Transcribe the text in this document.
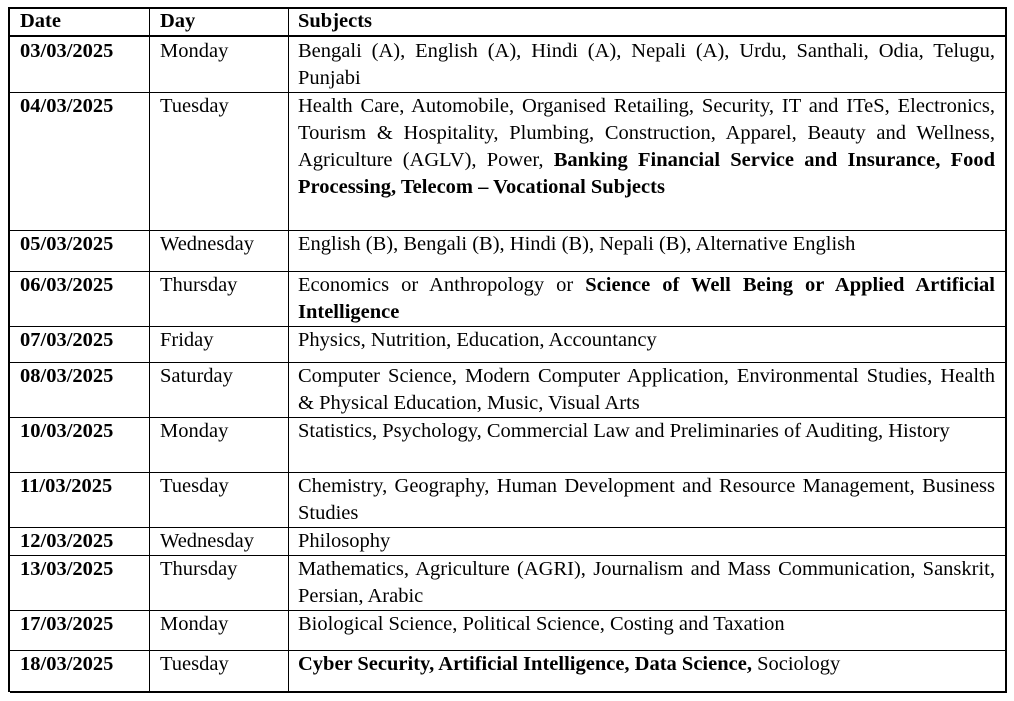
Date	Day	Subjects
03/03/2025	Monday	Bengali (A), English (A), Hindi (A), Nepali (A), Urdu, Santhali, Odia, Telugu, Punjabi
04/03/2025	Tuesday	Health Care, Automobile, Organised Retailing, Security, IT and ITeS, Electronics, Tourism & Hospitality, Plumbing, Construction, Apparel, Beauty and Wellness, Agriculture (AGLV), Power, Banking Financial Service and Insurance, Food Processing, Telecom – Vocational Subjects
05/03/2025	Wednesday	English (B), Bengali (B), Hindi (B), Nepali (B), Alternative English
06/03/2025	Thursday	Economics or Anthropology or Science of Well Being or Applied Artificial Intelligence
07/03/2025	Friday	Physics, Nutrition, Education, Accountancy
08/03/2025	Saturday	Computer Science, Modern Computer Application, Environmental Studies, Health & Physical Education, Music, Visual Arts
10/03/2025	Monday	Statistics, Psychology, Commercial Law and Preliminaries of Auditing, History
11/03/2025	Tuesday	Chemistry, Geography, Human Development and Resource Management, Business Studies
12/03/2025	Wednesday	Philosophy
13/03/2025	Thursday	Mathematics, Agriculture (AGRI), Journalism and Mass Communication, Sanskrit, Persian, Arabic
17/03/2025	Monday	Biological Science, Political Science, Costing and Taxation
18/03/2025	Tuesday	Cyber Security, Artificial Intelligence, Data Science, Sociology
